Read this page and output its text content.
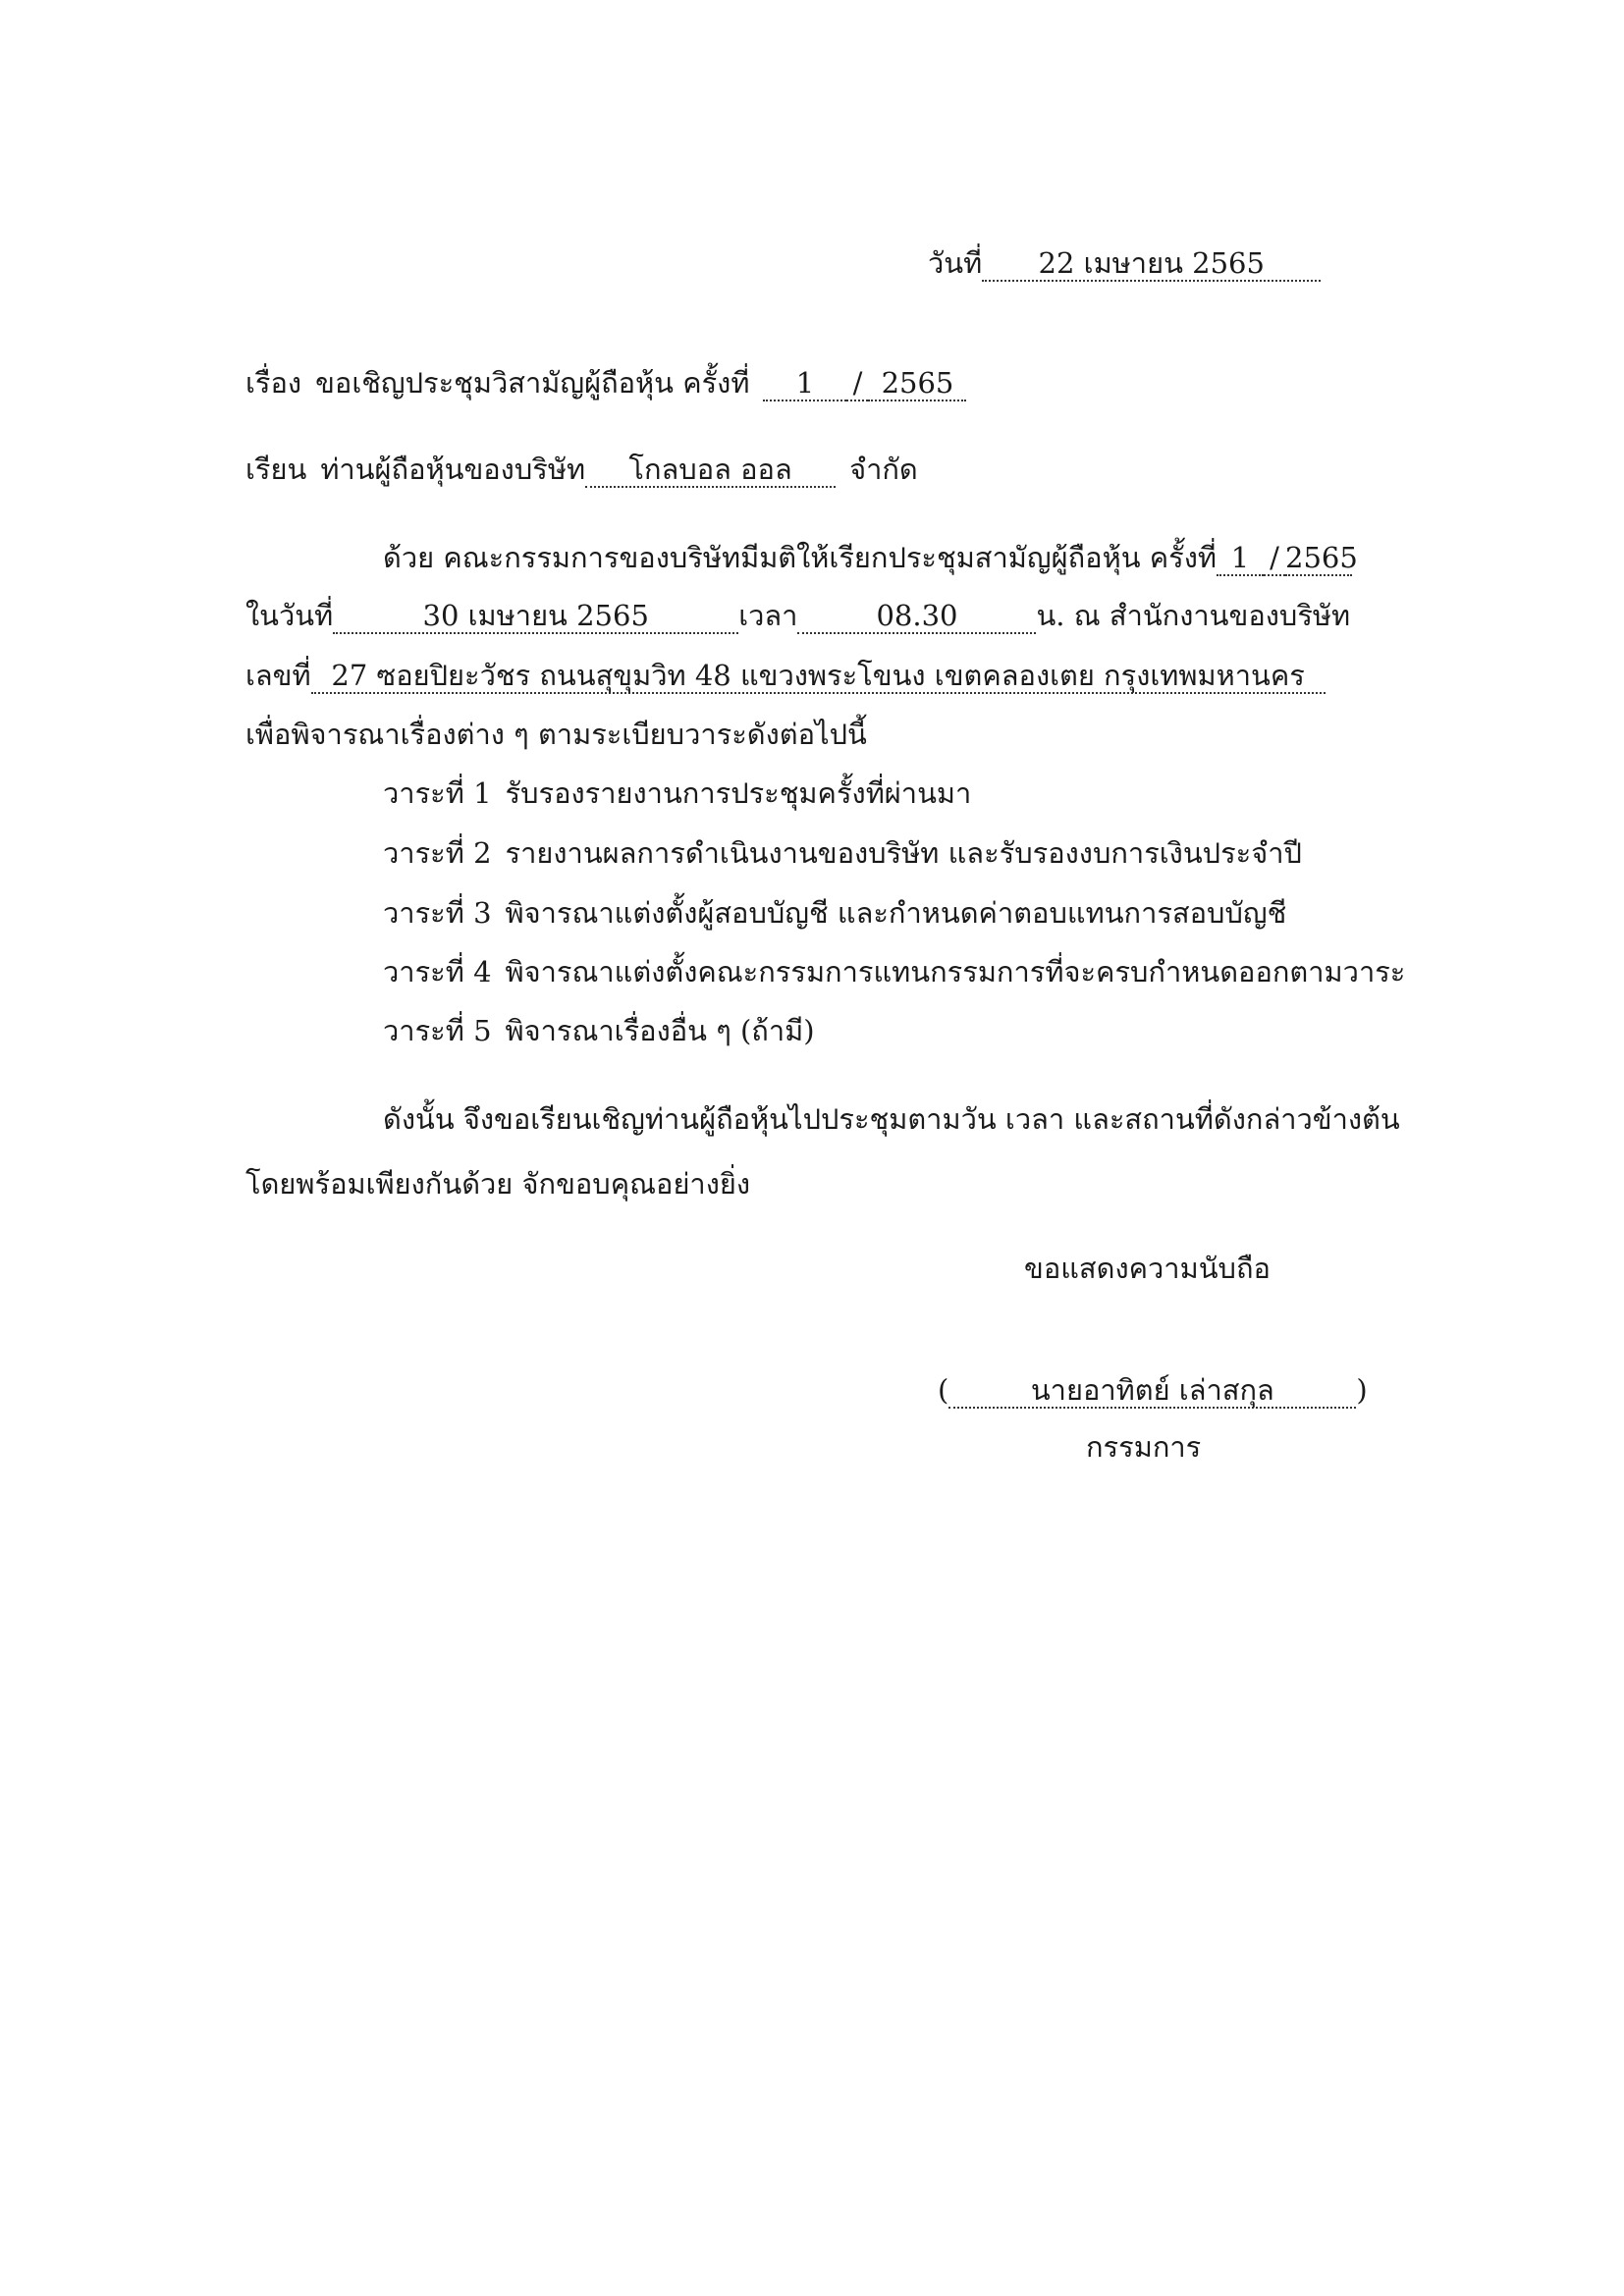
วันที่ 22 เมษายน 2565
เรื่อง ขอเชิญประชุมวิสามัญผู้ถือหุ้น ครั้งที่ 1 / 2565
เรียน ท่านผู้ถือหุ้นของบริษัท โกลบอล ออล จำกัด
ด้วย คณะกรรมการของบริษัทมีมติให้เรียกประชุมสามัญผู้ถือหุ้น ครั้งที่ 1 / 2565
ในวันที่	30 เมษายน 2565	เวลา	08.30	น. ณ สำนักงานของบริษัท
เลขที่ 27 ซอยปิยะวัชร ถนนสุขุมวิท 48 แขวงพระโขนง เขตคลองเตย กรุงเทพมหานคร
เพื่อพิจารณาเรื่องต่าง ๆ ตามระเบียบวาระดังต่อไปนี้
วาระที่ 1 รับรองรายงานการประชุมครั้งที่ผ่านมา
วาระที่ 2 รายงานผลการดำเนินงานของบริษัท และรับรองงบการเงินประจำปี
วาระที่ 3 พิจารณาแต่งตั้งผู้สอบบัญชี และกำหนดค่าตอบแทนการสอบบัญชี
วาระที่ 4 พิจารณาแต่งตั้งคณะกรรมการแทนกรรมการที่จะครบกำหนดออกตามวาระ
วาระที่ 5 พิจารณาเรื่องอื่น ๆ (ถ้ามี)
ดังนั้น จึงขอเรียนเชิญท่านผู้ถือหุ้นไปประชุมตามวัน เวลา และสถานที่ดังกล่าวข้างต้น
โดยพร้อมเพียงกันด้วย จักขอบคุณอย่างยิ่ง
ขอแสดงความนับถือ
(	นายอาทิตย์ เล่าสกุล	)
กรรมการ
